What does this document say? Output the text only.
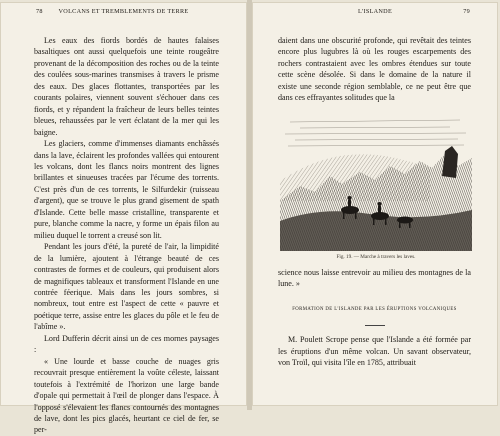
78	VOLCANS ET TREMBLEMENTS DE TERRE

Les eaux des fiords bordés de hautes falaises basaltiques ont aussi quelquefois une teinte rougeâtre provenant de la décomposition des roches ou de la teinte des coulées sous-marines transmises à travers le prisme des eaux. Des glaces flottantes, transportées par les courants polaires, viennent souvent s'échouer dans ces fiords, et y répandent la fraîcheur de leurs belles teintes bleues, rehaussées par le vert éclatant de la mer qui les baigne.

Les glaciers, comme d'immenses diamants enchâssés dans la lave, éclairent les profondes vallées qui entourent les volcans, dont les flancs noirs montrent des lignes brillantes et sinueuses tracées par l'écume des torrents. C'est près d'un de ces torrents, le Silfurdekir (ruisseau d'argent), que se trouve le plus grand gisement de spath d'Islande. Cette belle masse cristalline, transparente et pure, blanche comme la nacre, y forme un épais filon au milieu duquel le torrent a creusé son lit.

Pendant les jours d'été, la pureté de l'air, la limpidité de la lumière, ajoutent à l'étrange beauté de ces contrastes de formes et de couleurs, qui produisent alors de magnifiques tableaux et transforment l'Islande en une contrée féerique. Mais dans les jours sombres, si nombreux, tout entre est l'aspect de cette « pauvre et poétique terre, assise entre les glaces du pôle et le feu de l'abîme ».

Lord Dufferin décrit ainsi un de ces mornes paysages :

« Une lourde et basse couche de nuages gris recouvrait presque entièrement la voûte céleste, laissant toutefois à l'extrémité de l'horizon une large bande d'opale qui permettait à l'œil de plonger dans l'espace. À l'opposé s'élevaient les flancs contournés des montagnes de lave, dont les pics glacés, heurtant ce ciel de fer, se per-

L'ISLANDE	79

daient dans une obscurité profonde, qui revêtait des teintes encore plus lugubres là où les rouges escarpements des rochers contrastaient avec les ombres étendues sur toute cette scène désolée. Si dans le domaine de la nature il existe une seconde région semblable, ce ne peut être que dans ces effrayantes solitudes que la

Fig. 19. — Marche à travers les laves.

science nous laisse entrevoir au milieu des montagnes de la lune. »

FORMATION DE L'ISLANDE PAR LES ÉRUPTIONS VOLCANIQUES

M. Poulett Scrope pense que l'Islande a été formée par les éruptions d'un même volcan. Un savant observateur, von Troïl, qui visita l'île en 1785, attribuait
